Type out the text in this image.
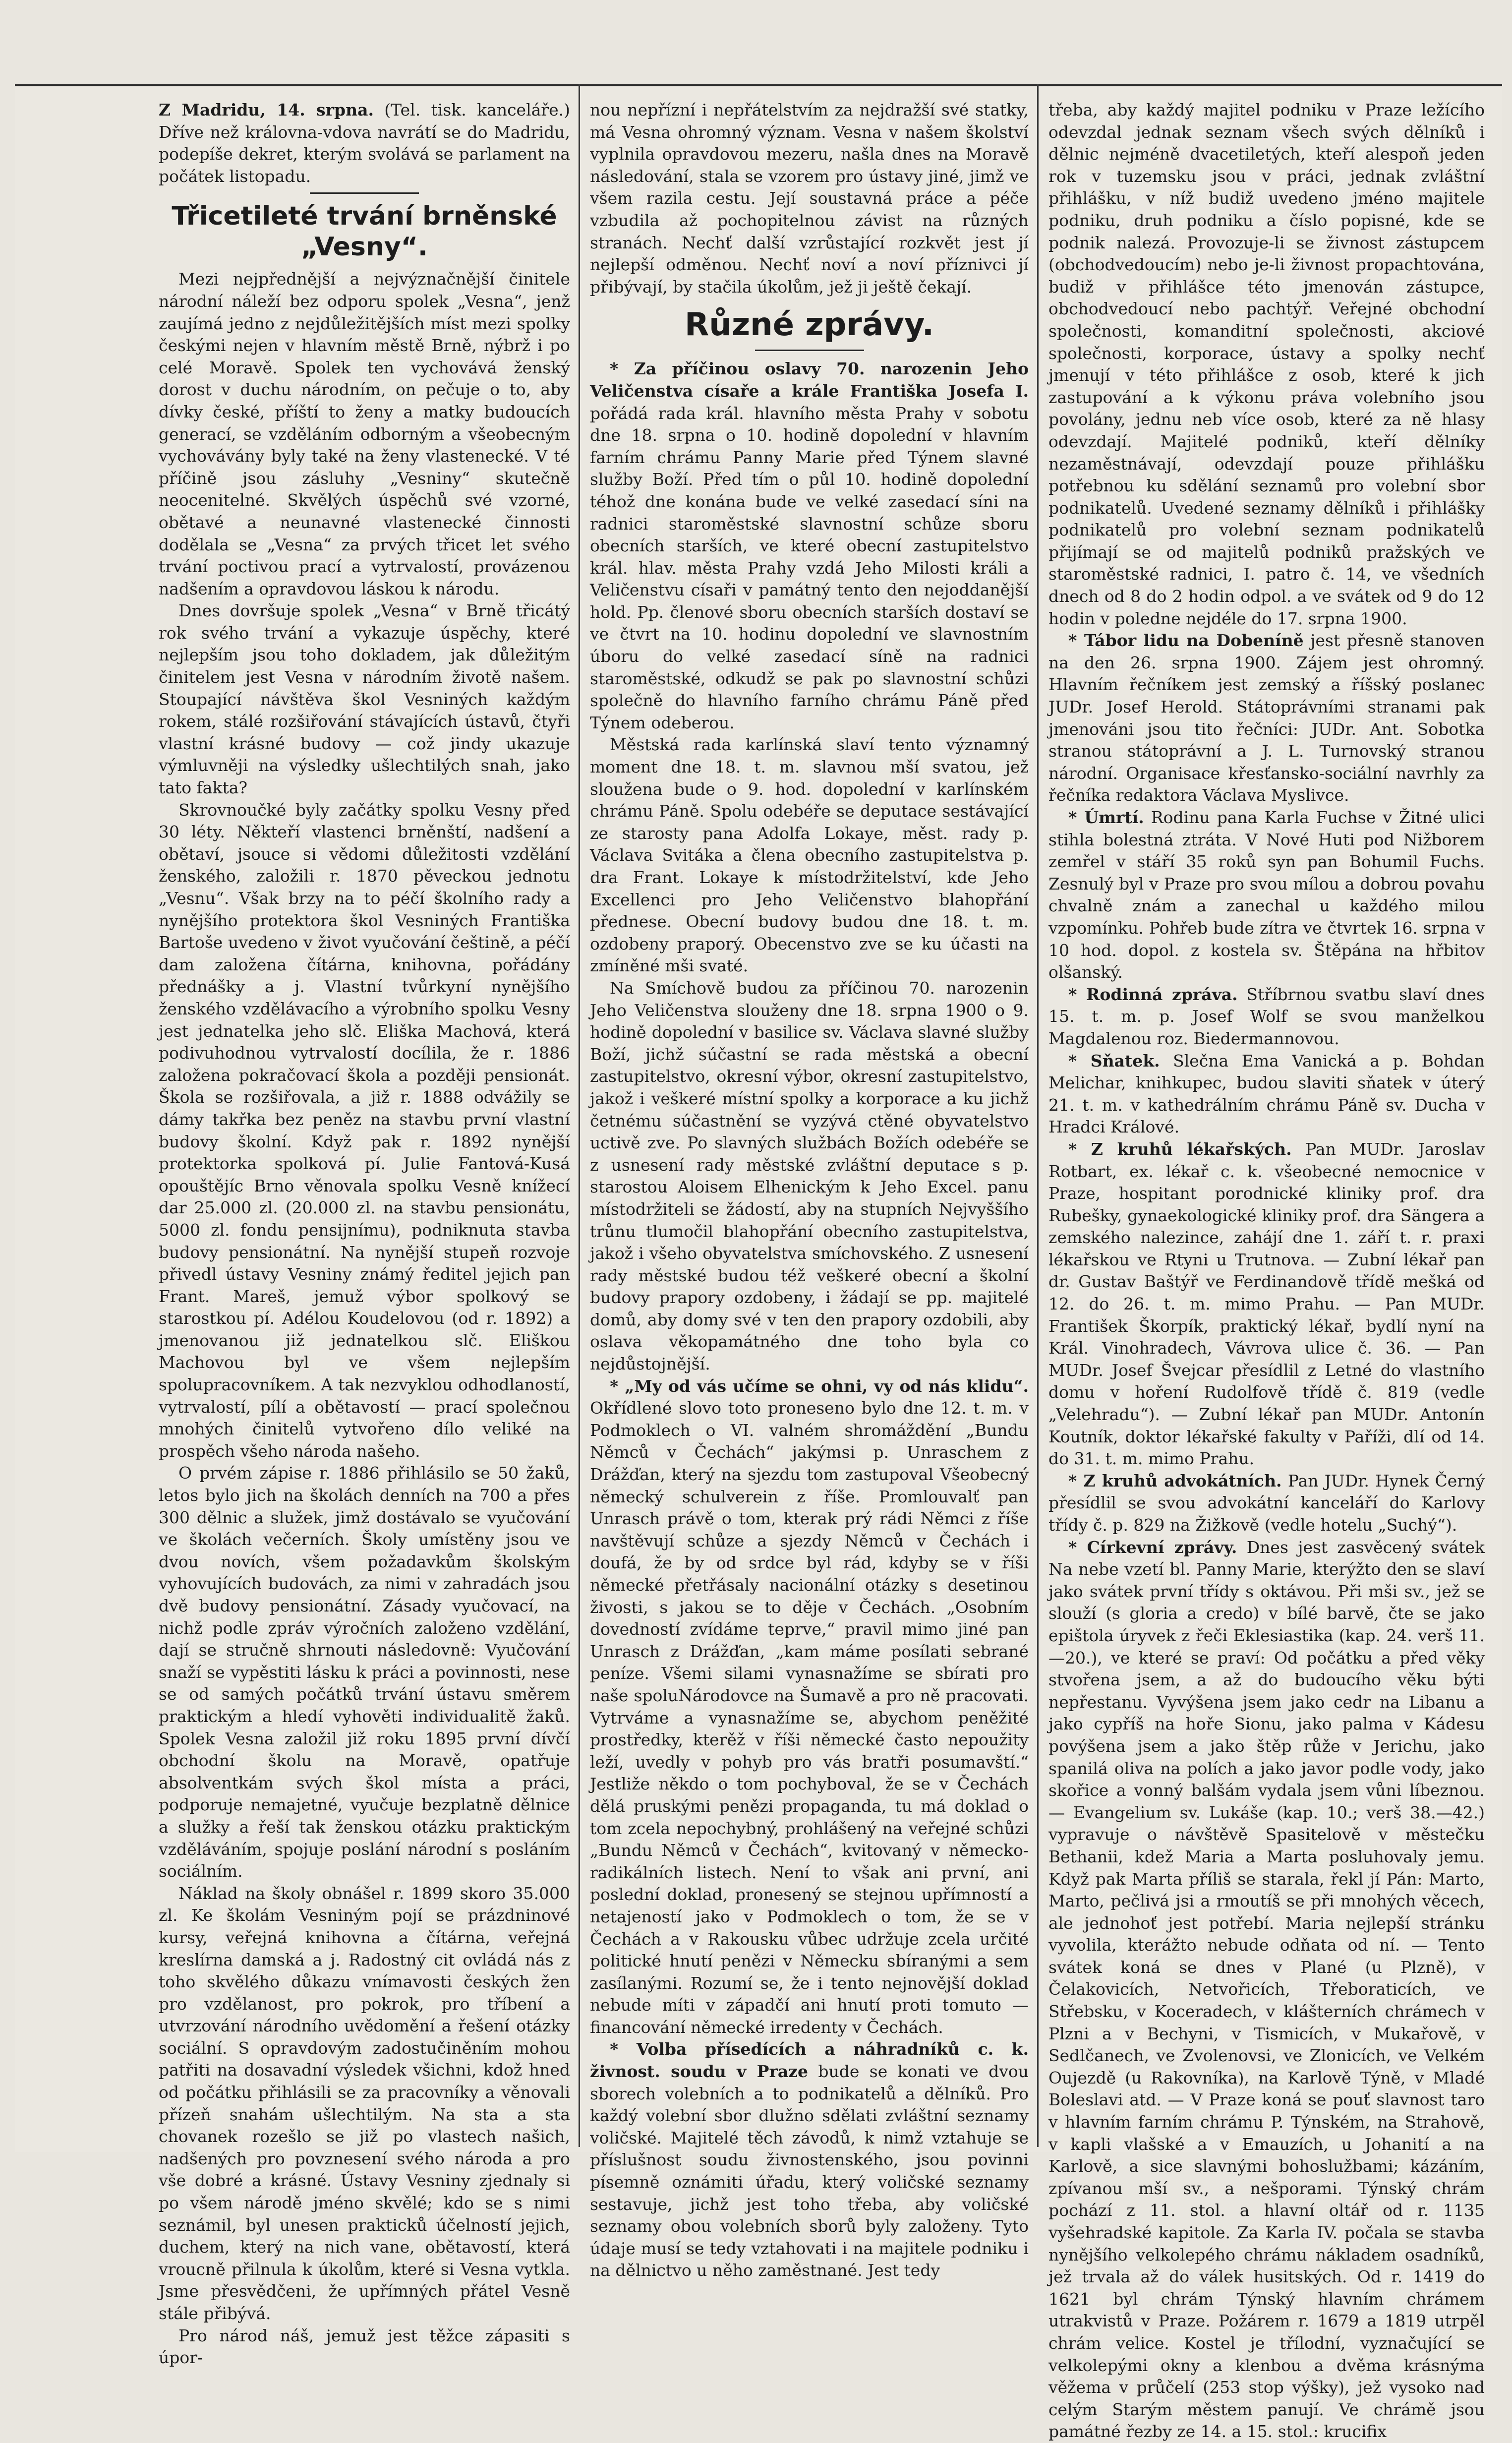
Z Madridu, 14. srpna. (Tel. tisk. kanceláře.) Dříve než královna-vdova navrátí se do Madridu, podepíše dekret, kterým svolává se parlament na počátek listopadu.

Třicetileté trvání brněnské „Vesny“.

Mezi nejpřednější a nejvýznačnější činitele národní náleží bez odporu spolek „Vesna“, jenž zaujímá jedno z nejdůležitějších míst mezi spolky českými nejen v hlavním městě Brně, nýbrž i po celé Moravě. Spolek ten vychovává ženský dorost v duchu národním, on pečuje o to, aby dívky české, příští to ženy a matky budoucích generací, se vzděláním odborným a všeobecným vychovávány byly také na ženy vlastenecké. V té příčině jsou zásluhy „Vesniny“ skutečně neocenitelné. Skvělých úspěchů své vzorné, obětavé a neunavné vlastenecké činnosti dodělala se „Vesna“ za prvých třicet let svého trvání poctivou prací a vytrvalostí, provázenou nadšením a opravdovou láskou k národu.

Dnes dovršuje spolek „Vesna“ v Brně třicátý rok svého trvání a vykazuje úspěchy, které nejlepším jsou toho dokladem, jak důležitým činitelem jest Vesna v národním životě našem. Stoupající návštěva škol Vesniných každým rokem, stálé rozšiřování stávajících ústavů, čtyři vlastní krásné budovy — což jindy ukazuje výmluvněji na výsledky ušlechtilých snah, jako tato fakta?

Skrovnoučké byly začátky spolku Vesny před 30 léty. Někteří vlastenci brněnští, nadšení a obětaví, jsouce si vědomi důležitosti vzdělání ženského, založili r. 1870 pěveckou jednotu „Vesnu“. Však brzy na to péčí školního rady a nynějšího protektora škol Vesniných Františka Bartoše uvedeno v život vyučování češtině, a péčí dam založena čítárna, knihovna, pořádány přednášky a j. Vlastní tvůrkyní nynějšího ženského vzdělávacího a výrobního spolku Vesny jest jednatelka jeho slč. Eliška Machová, která podivuhodnou vytrvalostí docílila, že r. 1886 založena pokračovací škola a později pensionát. Škola se rozšiřovala, a již r. 1888 odvážily se dámy takřka bez peněz na stavbu první vlastní budovy školní. Když pak r. 1892 nynější protektorka spolková pí. Julie Fantová-Kusá opouštějíc Brno věnovala spolku Vesně knížecí dar 25.000 zl. (20.000 zl. na stavbu pensionátu, 5000 zl. fondu pensijnímu), podniknuta stavba budovy pensionátní. Na nynější stupeň rozvoje přivedl ústavy Vesniny známý ředitel jejich pan Frant. Mareš, jemuž výbor spolkový se starostkou pí. Adélou Koudelovou (od r. 1892) a jmenovanou již jednatelkou slč. Eliškou Machovou byl ve všem nejlepším spolupracovníkem. A tak nezvyklou odhodlaností, vytrvalostí, pílí a obětavostí — prací společnou mnohých činitelů vytvořeno dílo veliké na prospěch všeho národa našeho.

O prvém zápise r. 1886 přihlásilo se 50 žaků, letos bylo jich na školách denních na 700 a přes 300 dělnic a služek, jimž dostávalo se vyučování ve školách večerních. Školy umístěny jsou ve dvou novích, všem požadavkům školským vyhovujících budovách, za nimi v zahradách jsou dvě budovy pensionátní. Zásady vyučovací, na nichž podle zpráv výročních založeno vzdělání, dají se stručně shrnouti následovně: Vyučování snaží se vypěstiti lásku k práci a povinnosti, nese se od samých počátků trvání ústavu směrem praktickým a hledí vyhověti individualitě žaků. Spolek Vesna založil již roku 1895 první dívčí obchodní školu na Moravě, opatřuje absolventkám svých škol místa a práci, podporuje nemajetné, vyučuje bezplatně dělnice a služky a řeší tak ženskou otázku praktickým vzděláváním, spojuje poslání národní s posláním sociálním.

Náklad na školy obnášel r. 1899 skoro 35.000 zl. Ke školám Vesniným pojí se prázdninové kursy, veřejná knihovna a čítárna, veřejná kreslírna damská a j. Radostný cit ovládá nás z toho skvělého důkazu vnímavosti českých žen pro vzdělanost, pro pokrok, pro tříbení a utvrzování národního uvědomění a řešení otázky sociální. S opravdovým zadostučiněním mohou patřiti na dosavadní výsledek všichni, kdož hned od počátku přihlásili se za pracovníky a věnovali přízeň snahám ušlechtilým. Na sta a sta chovanek rozešlo se již po vlastech našich, nadšených pro povznesení svého národa a pro vše dobré a krásné. Ústavy Vesniny zjednaly si po všem národě jméno skvělé; kdo se s nimi seznámil, byl unesen prakticků účelností jejich, duchem, který na nich vane, obětavostí, která vroucně přilnula k úkolům, které si Vesna vytkla. Jsme přesvědčeni, že upřímných přátel Vesně stále přibývá.

Pro národ náš, jemuž jest těžce zápasiti s úpor-

nou nepřízní i nepřátelstvím za nejdražší své statky, má Vesna ohromný význam. Vesna v našem školství vyplnila opravdovou mezeru, našla dnes na Moravě následování, stala se vzorem pro ústavy jiné, jimž ve všem razila cestu. Její soustavná práce a péče vzbudila až pochopitelnou závist na různých stranách. Nechť další vzrůstající rozkvět jest jí nejlepší odměnou. Nechť noví a noví příznivci jí přibývají, by stačila úkolům, jež ji ještě čekají.

Různé zprávy.

* Za příčinou oslavy 70. narozenin Jeho Veličenstva císaře a krále Františka Josefa I. pořádá rada král. hlavního města Prahy v sobotu dne 18. srpna o 10. hodině dopolední v hlavním farním chrámu Panny Marie před Týnem slavné služby Boží. Před tím o půl 10. hodině dopolední téhož dne konána bude ve velké zasedací síni na radnici staroměstské slavnostní schůze sboru obecních starších, ve které obecní zastupitelstvo král. hlav. města Prahy vzdá Jeho Milosti králi a Veličenstvu císaři v památný tento den nejoddanější hold. Pp. členové sboru obecních starších dostaví se ve čtvrt na 10. hodinu dopolední ve slavnostním úboru do velké zasedací síně na radnici staroměstské, odkudž se pak po slavnostní schůzi společně do hlavního farního chrámu Páně před Týnem odeberou.

Městská rada karlínská slaví tento významný moment dne 18. t. m. slavnou mší svatou, jež sloužena bude o 9. hod. dopolední v karlínském chrámu Páně. Spolu odebéře se deputace sestávající ze starosty pana Adolfa Lokaye, měst. rady p. Václava Svitáka a člena obecního zastupitelstva p. dra Frant. Lokaye k místodržitelství, kde Jeho Excellenci pro Jeho Veličenstvo blahopřání přednese. Obecní budovy budou dne 18. t. m. ozdobeny praporý. Obecenstvo zve se ku účasti na zmíněné mši svaté.

Na Smíchově budou za příčinou 70. narozenin Jeho Veličenstva slouženy dne 18. srpna 1900 o 9. hodině dopolední v basilice sv. Václava slavné služby Boží, jichž súčastní se rada městská a obecní zastupitelstvo, okresní výbor, okresní zastupitelstvo, jakož i veškeré místní spolky a korporace a ku jichž četnému súčastnění se vyzývá ctěné obyvatelstvo uctivě zve. Po slavných službách Božích odebéře se z usnesení rady městské zvláštní deputace s p. starostou Aloisem Elhenickým k Jeho Excel. panu místodržiteli se žádostí, aby na stupních Nejvyššího trůnu tlumočil blahopřání obecního zastupitelstva, jakož i všeho obyvatelstva smíchovského. Z usnesení rady městské budou též veškeré obecní a školní budovy prapory ozdobeny, i žádají se pp. majitelé domů, aby domy své v ten den prapory ozdobili, aby oslava věkopamátného dne toho byla co nejdůstojnější.

* „My od vás učíme se ohni, vy od nás klidu“. Okřídlené slovo toto proneseno bylo dne 12. t. m. v Podmoklech o VI. valném shromáždění „Bundu Němců v Čechách“ jakýmsi p. Unraschem z Drážďan, který na sjezdu tom zastupoval Všeobecný německý schulverein z říše. Promlouvalť pan Unrasch právě o tom, kterak prý rádi Němci z říše navštěvují schůze a sjezdy Němců v Čechách i doufá, že by od srdce byl rád, kdyby se v říši německé přetřásaly nacionální otázky s desetinou živosti, s jakou se to děje v Čechách. „Osobním dovedností zvídáme teprve,“ pravil mimo jiné pan Unrasch z Drážďan, „kam máme posílati sebrané peníze. Všemi silami vynasnažíme se sbírati pro naše spoluNárodovce na Šumavě a pro ně pracovati. Vytrváme a vynasnažíme se, abychom peněžité prostředky, kterěž v říši německé často nepoužity leží, uvedly v pohyb pro vás bratři posumavští.“ Jestliže někdo o tom pochyboval, že se v Čechách dělá pruskými penězi propaganda, tu má doklad o tom zcela nepochybný, prohlášený na veřejné schůzi „Bundu Němců v Čechách“, kvitovaný v německo-radikálních listech. Není to však ani první, ani poslední doklad, pronesený se stejnou upřímností a netajeností jako v Podmoklech o tom, že se v Čechách a v Rakousku vůbec udržuje zcela určité politické hnutí penězi v Německu sbíranými a sem zasílanými. Rozumí se, že i tento nejnovější doklad nebude míti v západčí ani hnutí proti tomuto — financování německé irredenty v Čechách.

* Volba přísedících a náhradníků c. k. živnost. soudu v Praze bude se konati ve dvou sborech volebních a to podnikatelů a dělníků. Pro každý volební sbor dlužno sdělati zvláštní seznamy voličské. Majitelé těch závodů, k nimž vztahuje se příslušnost soudu živnostenského, jsou povinni písemně oznámiti úřadu, který voličské seznamy sestavuje, jichž jest toho třeba, aby voličské seznamy obou volebních sborů byly založeny. Tyto údaje musí se tedy vztahovati i na majitele podniku i na dělnictvo u něho zaměstnané. Jest tedy

třeba, aby každý majitel podniku v Praze ležícího odevzdal jednak seznam všech svých dělníků i dělnic nejméně dvacetiletých, kteří alespoň jeden rok v tuzemsku jsou v práci, jednak zvláštní přihlášku, v níž budiž uvedeno jméno majitele podniku, druh podniku a číslo popisné, kde se podnik nalezá. Provozuje-li se živnost zástupcem (obchodvedoucím) nebo je-li živnost propachtována, budiž v přihlášce této jmenován zástupce, obchodvedoucí nebo pachtýř. Veřejné obchodní společnosti, komanditní společnosti, akciové společnosti, korporace, ústavy a spolky nechť jmenují v této přihlášce z osob, které k jich zastupování a k výkonu práva volebního jsou povolány, jednu neb více osob, které za ně hlasy odevzdají. Majitelé podniků, kteří dělníky nezaměstnávají, odevzdají pouze přihlášku potřebnou ku sdělání seznamů pro volební sbor podnikatelů. Uvedené seznamy dělníků i přihlášky podnikatelů pro volební seznam podnikatelů přijímají se od majitelů podniků pražských ve staroměstské radnici, I. patro č. 14, ve všedních dnech od 8 do 2 hodin odpol. a ve svátek od 9 do 12 hodin v poledne nejdéle do 17. srpna 1900.

* Tábor lidu na Dobeníně jest přesně stanoven na den 26. srpna 1900. Zájem jest ohromný. Hlavním řečníkem jest zemský a říšský poslanec JUDr. Josef Herold. Státoprávními stranami pak jmenováni jsou tito řečníci: JUDr. Ant. Sobotka stranou státoprávní a J. L. Turnovský stranou národní. Organisace křesťansko-sociální navrhly za řečníka redaktora Václava Myslivce.

* Úmrtí. Rodinu pana Karla Fuchse v Žitné ulici stihla bolestná ztráta. V Nové Huti pod Nižborem zemřel v stáří 35 roků syn pan Bohumil Fuchs. Zesnulý byl v Praze pro svou mílou a dobrou povahu chvalně znám a zanechal u každého milou vzpomínku. Pohřeb bude zítra ve čtvrtek 16. srpna v 10 hod. dopol. z kostela sv. Štěpána na hřbitov olšanský.

* Rodinná zpráva. Stříbrnou svatbu slaví dnes 15. t. m. p. Josef Wolf se svou manželkou Magdalenou roz. Biedermannovou.

* Sňatek. Slečna Ema Vanická a p. Bohdan Melichar, knihkupec, budou slaviti sňatek v úterý 21. t. m. v kathedrálním chrámu Páně sv. Ducha v Hradci Králové.

* Z kruhů lékařských. Pan MUDr. Jaroslav Rotbart, ex. lékař c. k. všeobecné nemocnice v Praze, hospitant porodnické kliniky prof. dra Rubešky, gynaekologické kliniky prof. dra Sängera a zemského nalezince, zahájí dne 1. září t. r. praxi lékařskou ve Rtyni u Trutnova. — Zubní lékař pan dr. Gustav Baštýř ve Ferdinandově třídě mešká od 12. do 26. t. m. mimo Prahu. — Pan MUDr. František Škorpík, praktický lékař, bydlí nyní na Král. Vinohradech, Vávrova ulice č. 36. — Pan MUDr. Josef Švejcar přesídlil z Letné do vlastního domu v hoření Rudolfově třídě č. 819 (vedle „Velehradu“). — Zubní lékař pan MUDr. Antonín Koutník, doktor lékařské fakulty v Paříži, dlí od 14. do 31. t. m. mimo Prahu.

* Z kruhů advokátních. Pan JUDr. Hynek Černý přesídlil se svou advokátní kanceláří do Karlovy třídy č. p. 829 na Žižkově (vedle hotelu „Suchý“).

* Církevní zprávy. Dnes jest zasvěcený svátek Na nebe vzetí bl. Panny Marie, kterýžto den se slaví jako svátek první třídy s oktávou. Při mši sv., jež se slouží (s gloria a credo) v bílé barvě, čte se jako epištola úryvek z řeči Eklesiastika (kap. 24. verš 11.—20.), ve které se praví: Od počátku a před věky stvořena jsem, a až do budoucího věku býti nepřestanu. Vyvýšena jsem jako cedr na Libanu a jako cypříš na hoře Sionu, jako palma v Kádesu povýšena jsem a jako štěp růže v Jerichu, jako spanilá oliva na polích a jako javor podle vody, jako skořice a vonný balšám vydala jsem vůni líbeznou. — Evangelium sv. Lukáše (kap. 10.; verš 38.—42.) vypravuje o návštěvě Spasitelově v městečku Bethanii, kdež Maria a Marta posluhovaly jemu. Když pak Marta příliš se starala, řekl jí Pán: Marto, Marto, pečlivá jsi a rmoutíš se při mnohých věcech, ale jednohoť jest potřebí. Maria nejlepší stránku vyvolila, kterážto nebude odňata od ní. — Tento svátek koná se dnes v Plané (u Plzně), v Čelakovicích, Netvořicích, Třeboraticích, ve Střebsku, v Koceradech, v klášterních chrámech v Plzni a v Bechyni, v Tismicích, v Mukařově, v Sedlčanech, ve Zvolenovsi, ve Zlonicích, ve Velkém Oujezdě (u Rakovníka), na Karlově Týně, v Mladé Boleslavi atd. — V Praze koná se pouť slavnost taro v hlavním farním chrámu P. Týnském, na Strahově, v kapli vlašské a v Emauzích, u Johanití a na Karlově, a sice slavnými bohoslužbami; kázáním, zpívanou mší sv., a nešporami. Týnský chrám pochází z 11. stol. a hlavní oltář od r. 1135 vyšehradské kapitole. Za Karla IV. počala se stavba nynějšího velkolepého chrámu nákladem osadníků, jež trvala až do válek husitských. Od r. 1419 do 1621 byl chrám Týnský hlavním chrámem utrakvistů v Praze. Požárem r. 1679 a 1819 utrpěl chrám velice. Kostel je třílodní, vyznačující se velkolepými okny a klenbou a dvěma krásnýma věžema v průčelí (253 stop výšky), jež vysoko nad celým Starým městem panují. Ve chrámě jsou památné řezby ze 14. a 15. stol.: krucifix
